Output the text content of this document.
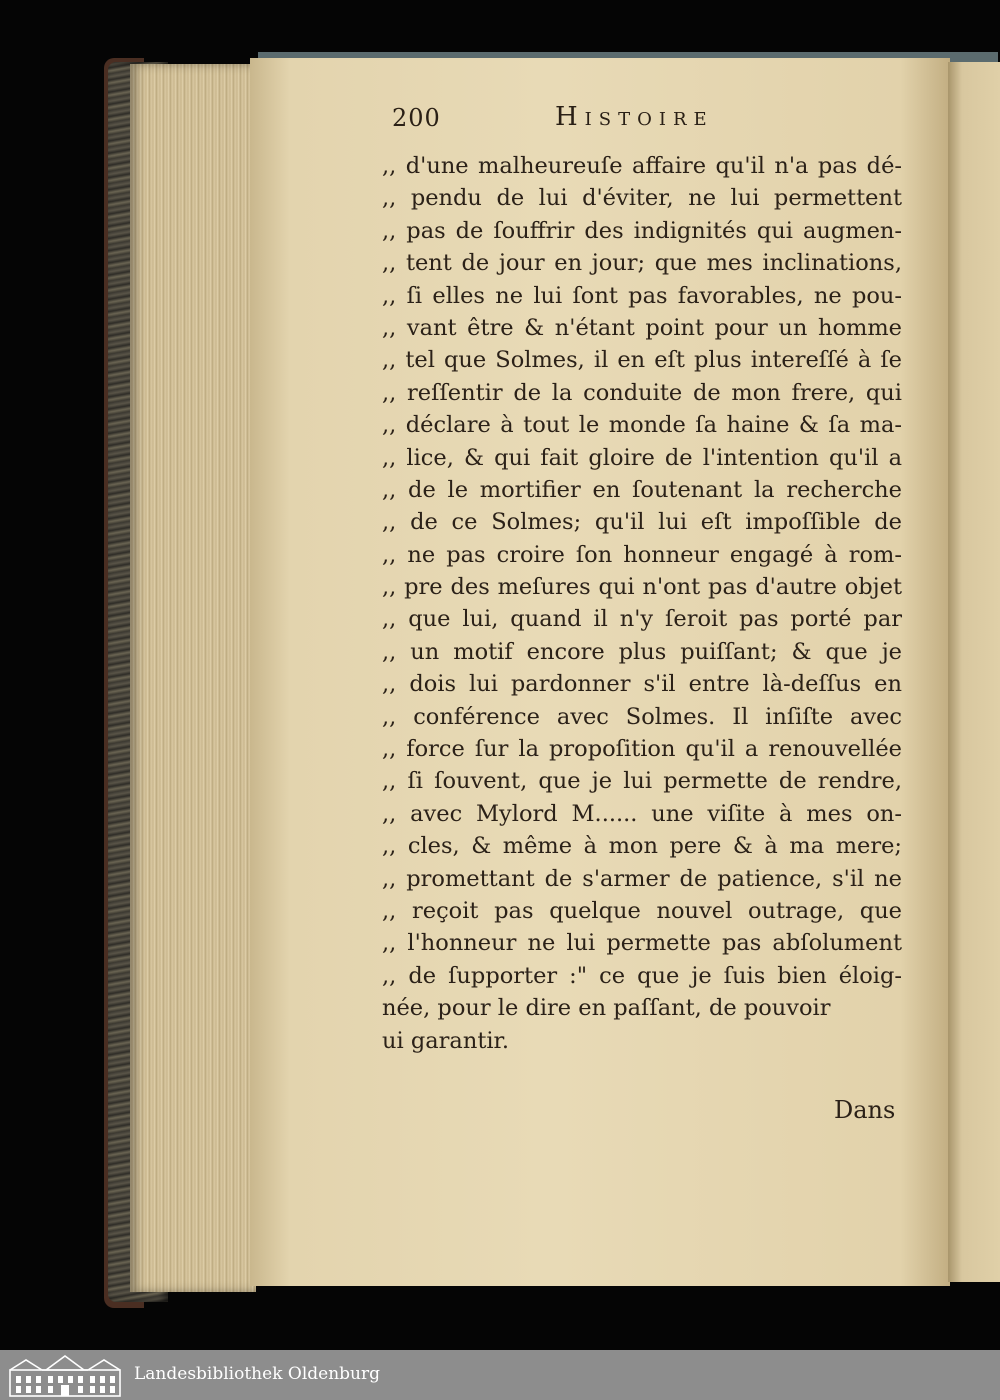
200	Histoire
,, d'une malheureuſe affaire qu'il n'a pas dé-
,, pendu de lui d'éviter, ne lui permettent
,, pas de ſouffrir des indignités qui augmen-
,, tent de jour en jour; que mes inclinations,
,, ſi elles ne lui ſont pas favorables, ne pou-
,, vant être & n'étant point pour un homme
,, tel que Solmes, il en eſt plus intereſſé à ſe
,, reſſentir de la conduite de mon frere, qui
,, déclare à tout le monde ſa haine & ſa ma-
,, lice, & qui fait gloire de l'intention qu'il a
,, de le mortifier en ſoutenant la recherche
,, de ce Solmes; qu'il lui eſt impoſſible de
,, ne pas croire ſon honneur engagé à rom-
,, pre des meſures qui n'ont pas d'autre objet
,, que lui, quand il n'y ſeroit pas porté par
,, un motif encore plus puiſſant; & que je
,, dois lui pardonner s'il entre là-deſſus en
,, conférence avec Solmes. Il inſiſte avec
,, force ſur la propoſition qu'il a renouvellée
,, ſi ſouvent, que je lui permette de rendre,
,, avec Mylord M...... une viſite à mes on-
,, cles, & même à mon pere & à ma mere;
,, promettant de s'armer de patience, s'il ne
,, reçoit pas quelque nouvel outrage, que
,, l'honneur ne lui permette pas abſolument
,, de ſupporter :" ce que je ſuis bien éloig-
née, pour le dire en paſſant, de pouvoir
ui garantir.
Dans
Landesbibliothek Oldenburg
